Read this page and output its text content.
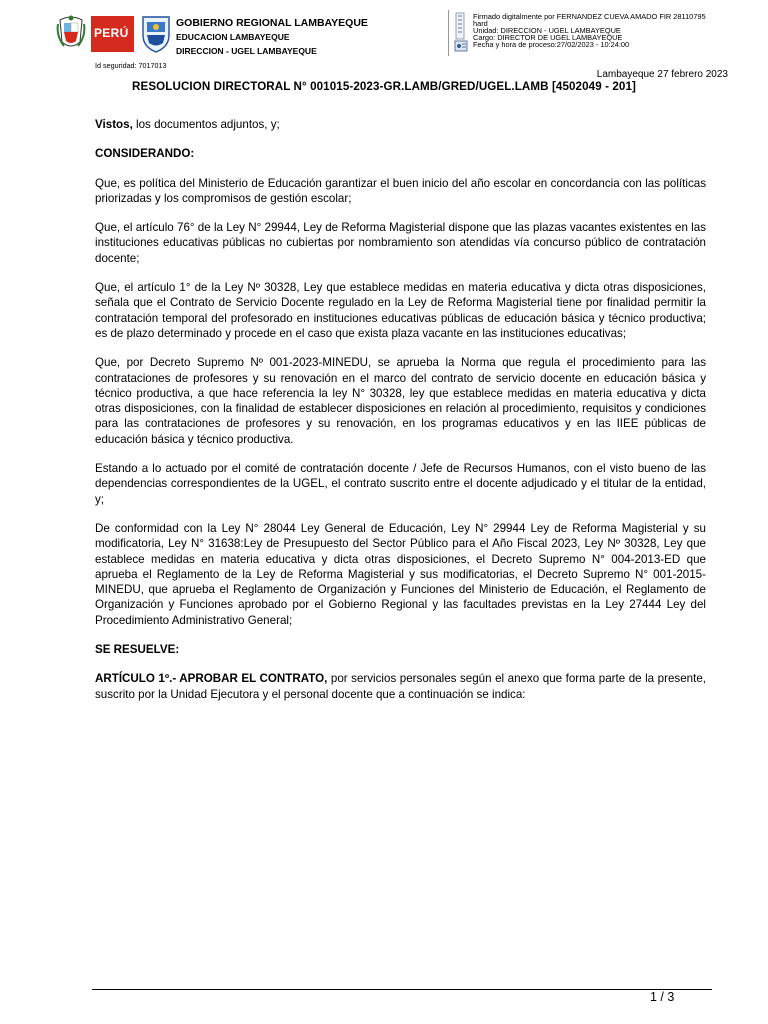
PERÚ
GOBIERNO REGIONAL LAMBAYEQUE
EDUCACION LAMBAYEQUE
DIRECCION - UGEL LAMBAYEQUE
Firmado digitalmente por FERNANDEZ CUEVA AMADO FIR 28110795
hard
Unidad: DIRECCION - UGEL LAMBAYEQUE
Cargo: DIRECTOR DE UGEL LAMBAYEQUE
Fecha y hora de proceso:27/02/2023 - 10:24:00
Id seguridad: 7017013
Lambayeque 27 febrero 2023
RESOLUCION DIRECTORAL N° 001015-2023-GR.LAMB/GRED/UGEL.LAMB [4502049 - 201]

Vistos, los documentos adjuntos, y;

CONSIDERANDO:

Que, es política del Ministerio de Educación garantizar el buen inicio del año escolar en concordancia con las políticas priorizadas y los compromisos de gestión escolar;

Que, el artículo 76° de la Ley N° 29944, Ley de Reforma Magisterial dispone que las plazas vacantes existentes en las instituciones educativas públicas no cubiertas por nombramiento son atendidas vía concurso público de contratación docente;

Que, el artículo 1° de la Ley Nº 30328, Ley que establece medidas en materia educativa y dicta otras disposiciones, señala que el Contrato de Servicio Docente regulado en la Ley de Reforma Magisterial tiene por finalidad permitir la contratación temporal del profesorado en instituciones educativas públicas de educación básica y técnico productiva; es de plazo determinado y procede en el caso que exista plaza vacante en las instituciones educativas;

Que, por Decreto Supremo Nº 001-2023-MINEDU, se aprueba la Norma que regula el procedimiento para las contrataciones de profesores y su renovación en el marco del contrato de servicio docente en educación básica y técnico productiva, a que hace referencia la ley N° 30328, ley que establece medidas en materia educativa y dicta otras disposiciones, con la finalidad de establecer disposiciones en relación al procedimiento, requisitos y condiciones para las contrataciones de profesores y su renovación, en los programas educativos y en las IIEE públicas de educación básica y técnico productiva.

Estando a lo actuado por el comité de contratación docente / Jefe de Recursos Humanos, con el visto bueno de las dependencias correspondientes de la UGEL, el contrato suscrito entre el docente adjudicado y el titular de la entidad, y;

De conformidad con la Ley N° 28044 Ley General de Educación, Ley N° 29944 Ley de Reforma Magisterial y su modificatoria, Ley N° 31638:Ley de Presupuesto del Sector Público para el Año Fiscal 2023, Ley Nº 30328, Ley que establece medidas en materia educativa y dicta otras disposiciones, el Decreto Supremo N° 004-2013-ED que aprueba el Reglamento de la Ley de Reforma Magisterial y sus modificatorias, el Decreto Supremo N° 001-2015-MINEDU, que aprueba el Reglamento de Organización y Funciones del Ministerio de Educación, el Reglamento de Organización y Funciones aprobado por el Gobierno Regional y las facultades previstas en la Ley 27444 Ley del Procedimiento Administrativo General;

SE RESUELVE:

ARTÍCULO 1º.- APROBAR EL CONTRATO, por servicios personales según el anexo que forma parte de la presente, suscrito por la Unidad Ejecutora y el personal docente que a continuación se indica:

1 / 3
